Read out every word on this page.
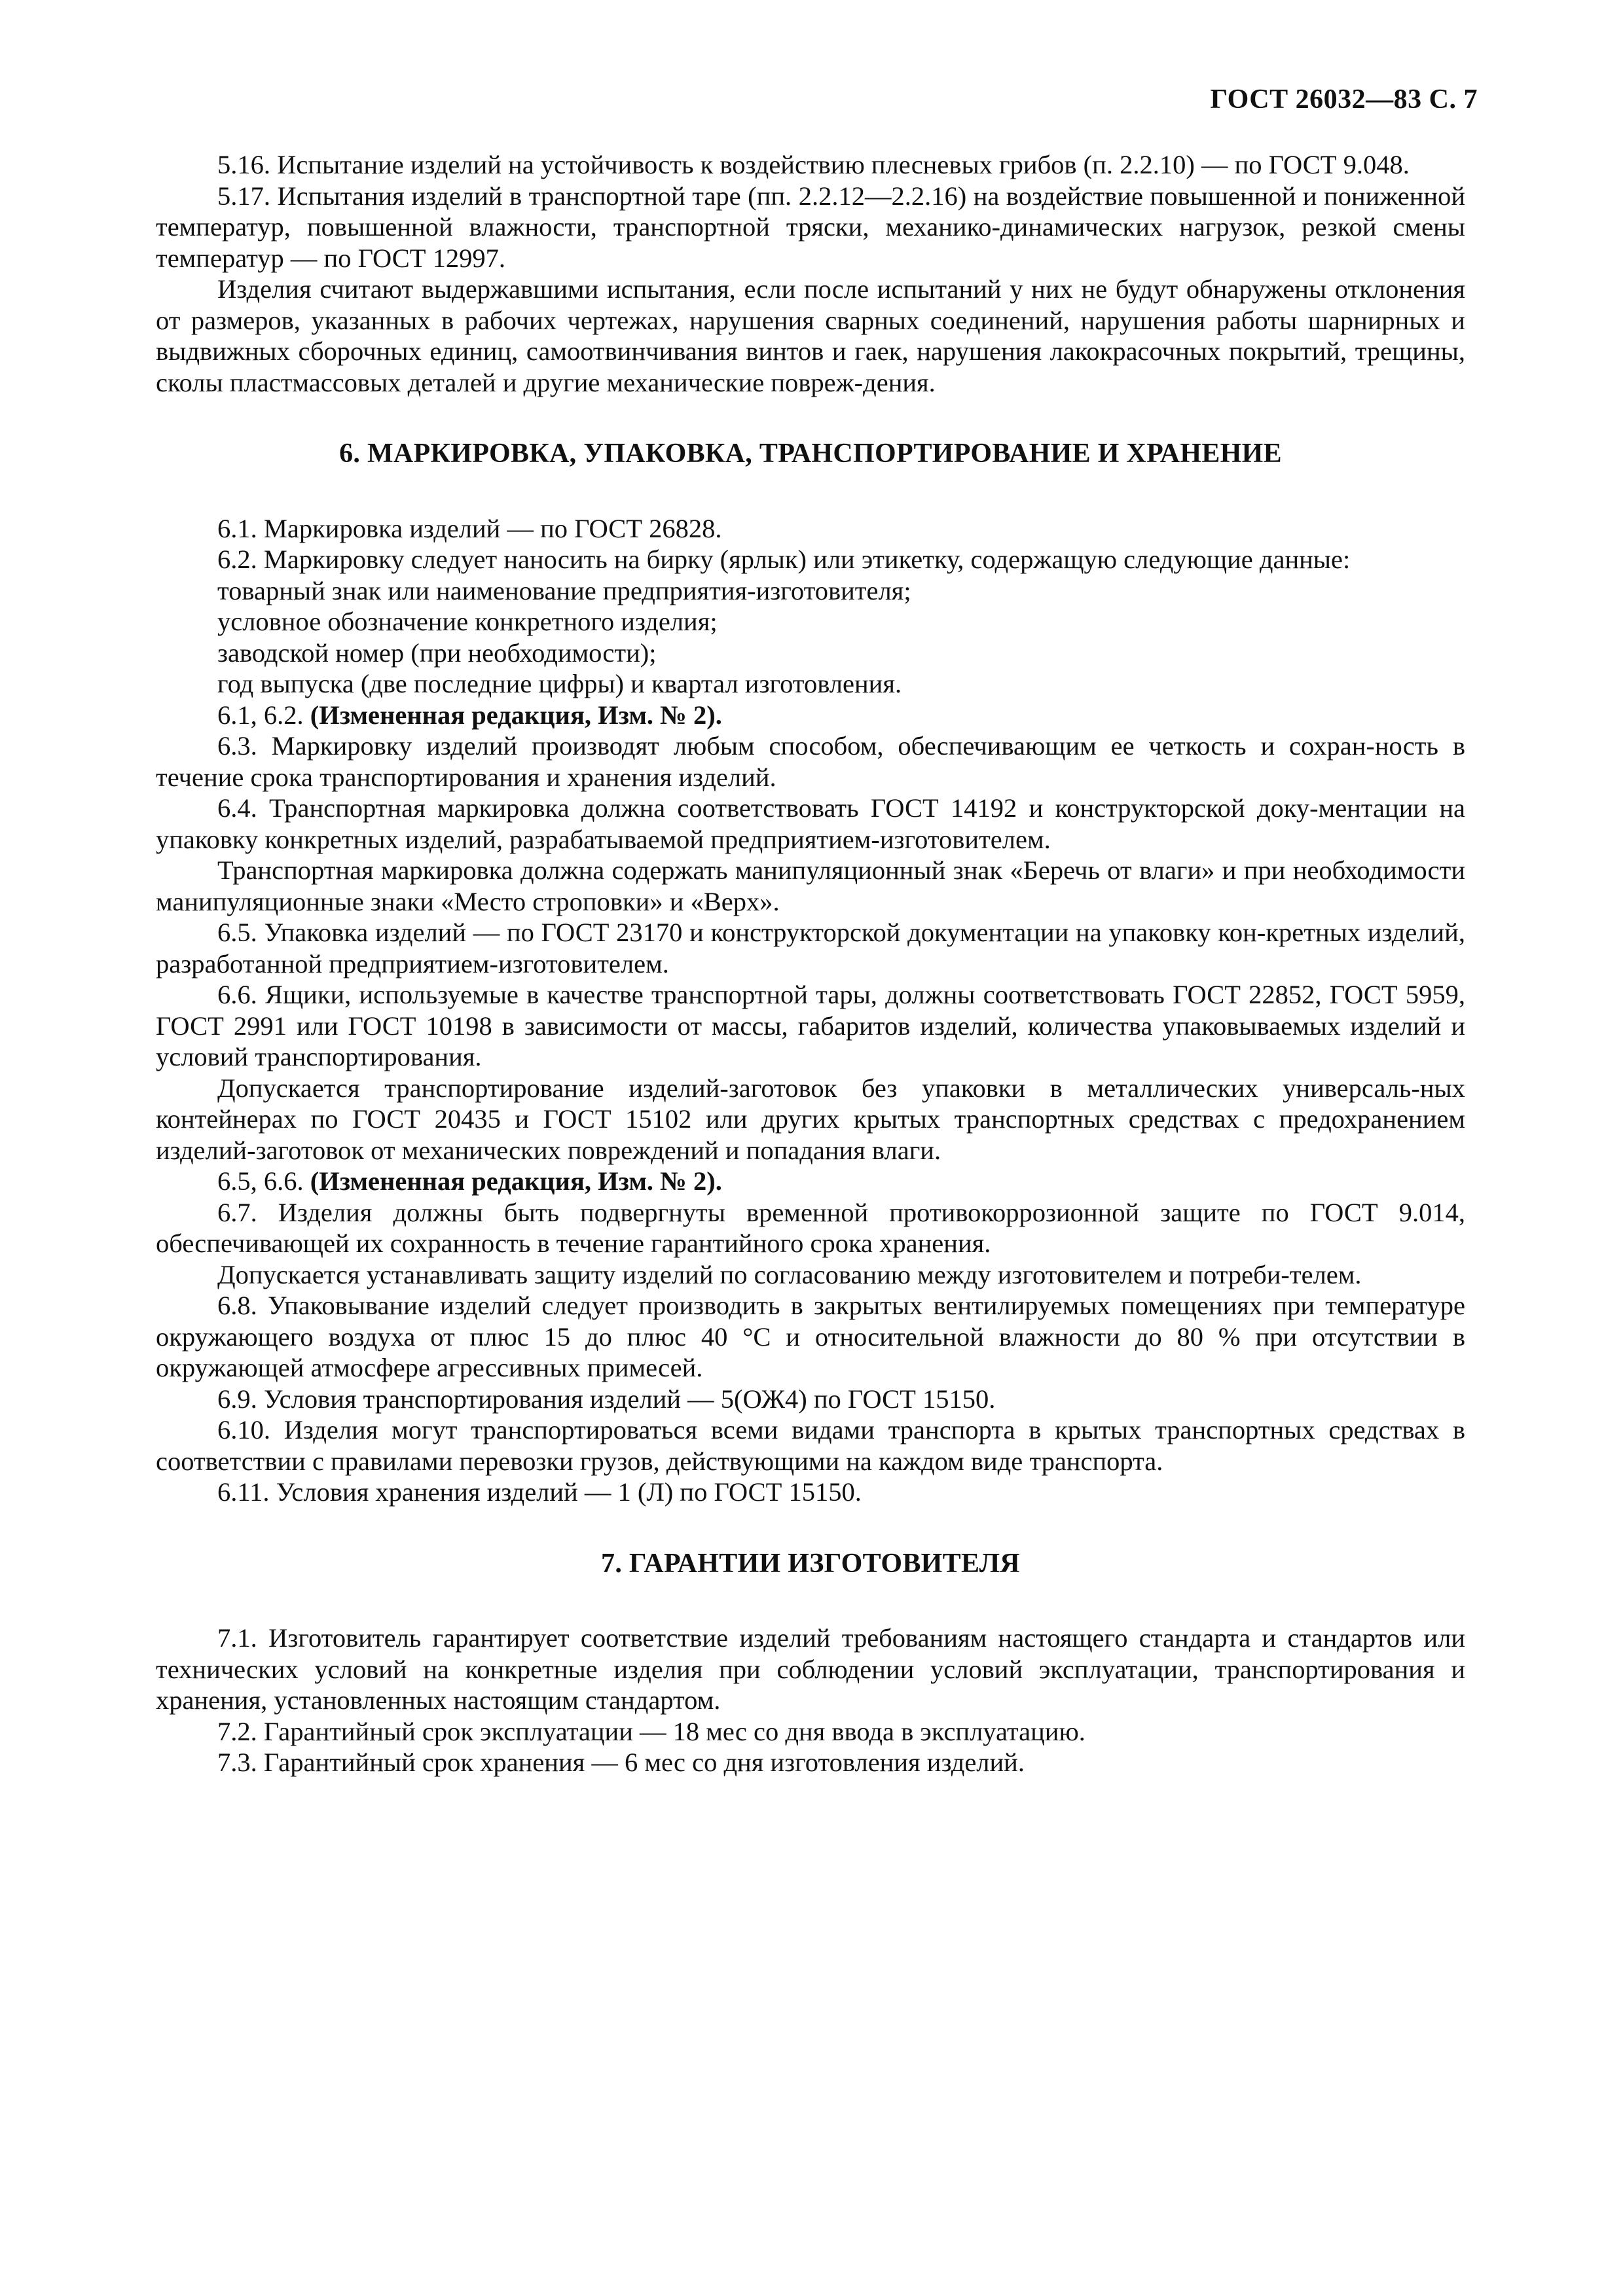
ГОСТ 26032—83 С. 7

5.16. Испытание изделий на устойчивость к воздействию плесневых грибов (п. 2.2.10) — по ГОСТ 9.048.

5.17. Испытания изделий в транспортной таре (пп. 2.2.12—2.2.16) на воздействие повышенной и пониженной температур, повышенной влажности, транспортной тряски, механико-динамических нагрузок, резкой смены температур — по ГОСТ 12997.

Изделия считают выдержавшими испытания, если после испытаний у них не будут обнаружены отклонения от размеров, указанных в рабочих чертежах, нарушения сварных соединений, нарушения работы шарнирных и выдвижных сборочных единиц, самоотвинчивания винтов и гаек, нарушения лакокрасочных покрытий, трещины, сколы пластмассовых деталей и другие механические повреж-дения.

6. МАРКИРОВКА, УПАКОВКА, ТРАНСПОРТИРОВАНИЕ И ХРАНЕНИЕ

6.1. Маркировка изделий — по ГОСТ 26828.

6.2. Маркировку следует наносить на бирку (ярлык) или этикетку, содержащую следующие данные:

товарный знак или наименование предприятия-изготовителя;

условное обозначение конкретного изделия;

заводской номер (при необходимости);

год выпуска (две последние цифры) и квартал изготовления.

6.1, 6.2. (Измененная редакция, Изм. № 2).

6.3. Маркировку изделий производят любым способом, обеспечивающим ее четкость и сохран-ность в течение срока транспортирования и хранения изделий.

6.4. Транспортная маркировка должна соответствовать ГОСТ 14192 и конструкторской доку-ментации на упаковку конкретных изделий, разрабатываемой предприятием-изготовителем.

Транспортная маркировка должна содержать манипуляционный знак «Беречь от влаги» и при необходимости манипуляционные знаки «Место строповки» и «Верх».

6.5. Упаковка изделий — по ГОСТ 23170 и конструкторской документации на упаковку кон-кретных изделий, разработанной предприятием-изготовителем.

6.6. Ящики, используемые в качестве транспортной тары, должны соответствовать ГОСТ 22852, ГОСТ 5959, ГОСТ 2991 или ГОСТ 10198 в зависимости от массы, габаритов изделий, количества упаковываемых изделий и условий транспортирования.

Допускается транспортирование изделий-заготовок без упаковки в металлических универсаль-ных контейнерах по ГОСТ 20435 и ГОСТ 15102 или других крытых транспортных средствах с предохранением изделий-заготовок от механических повреждений и попадания влаги.

6.5, 6.6. (Измененная редакция, Изм. № 2).

6.7. Изделия должны быть подвергнуты временной противокоррозионной защите по ГОСТ 9.014, обеспечивающей их сохранность в течение гарантийного срока хранения.

Допускается устанавливать защиту изделий по согласованию между изготовителем и потреби-телем.

6.8. Упаковывание изделий следует производить в закрытых вентилируемых помещениях при температуре окружающего воздуха от плюс 15 до плюс 40 °С и относительной влажности до 80 % при отсутствии в окружающей атмосфере агрессивных примесей.

6.9. Условия транспортирования изделий — 5(ОЖ4) по ГОСТ 15150.

6.10. Изделия могут транспортироваться всеми видами транспорта в крытых транспортных средствах в соответствии с правилами перевозки грузов, действующими на каждом виде транспорта.

6.11. Условия хранения изделий — 1 (Л) по ГОСТ 15150.

7. ГАРАНТИИ ИЗГОТОВИТЕЛЯ

7.1. Изготовитель гарантирует соответствие изделий требованиям настоящего стандарта и стандартов или технических условий на конкретные изделия при соблюдении условий эксплуатации, транспортирования и хранения, установленных настоящим стандартом.

7.2. Гарантийный срок эксплуатации — 18 мес со дня ввода в эксплуатацию.

7.3. Гарантийный срок хранения — 6 мес со дня изготовления изделий.
